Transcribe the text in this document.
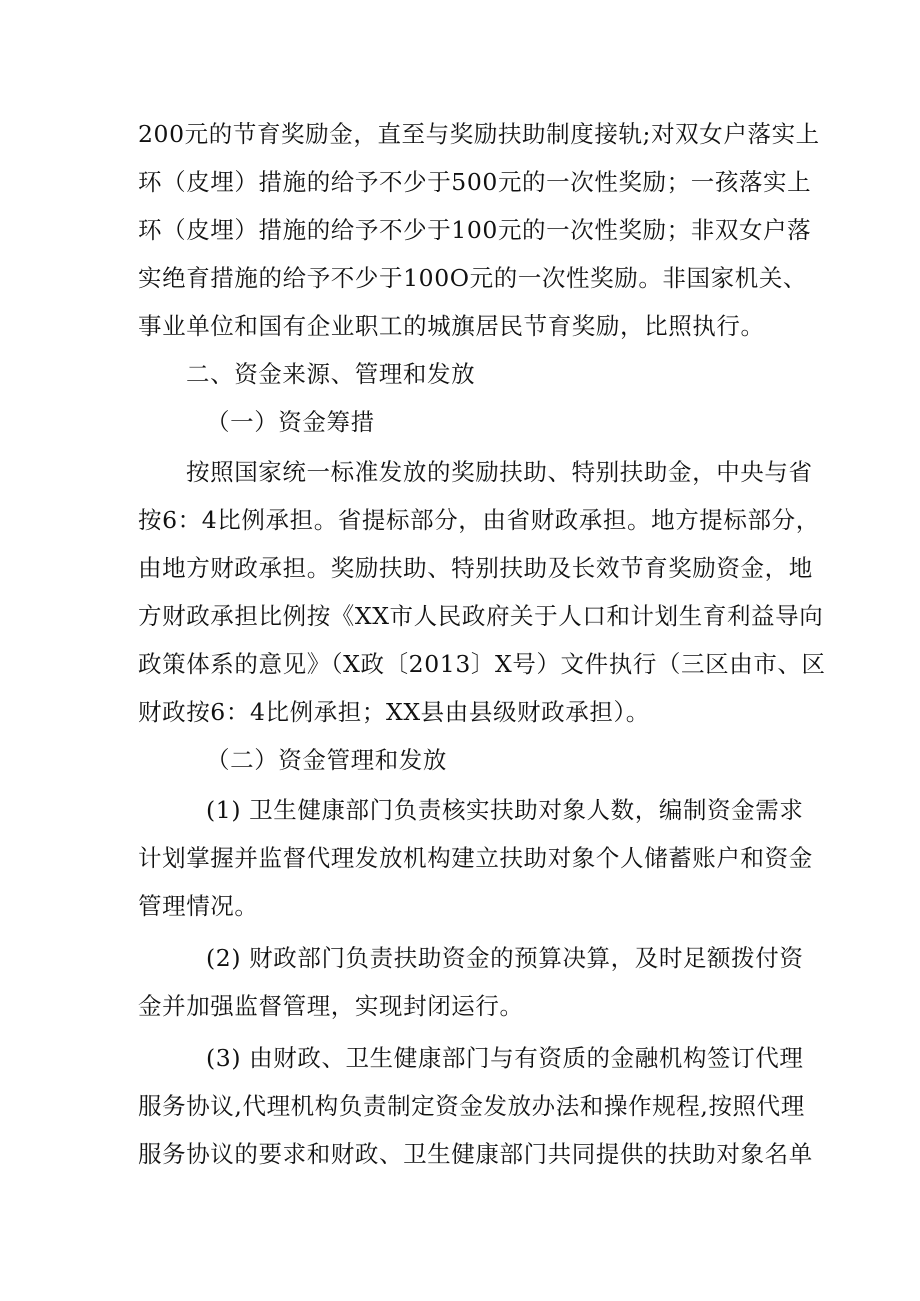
200元的节育奖励金，直至与奖励扶助制度接轨;对双女户落实上
环（皮埋）措施的给予不少于500元的一次性奖励；一孩落实上
环（皮埋）措施的给予不少于100元的一次性奖励；非双女户落
实绝育措施的给予不少于100O元的一次性奖励。非国家机关、
事业单位和国有企业职工的城旗居民节育奖励，比照执行。
二、资金来源、管理和发放
（一）资金筹措
按照国家统一标准发放的奖励扶助、特别扶助金，中央与省
按6：4比例承担。省提标部分，由省财政承担。地方提标部分，
由地方财政承担。奖励扶助、特别扶助及长效节育奖励资金，地
方财政承担比例按《XX市人民政府关于人口和计划生育利益导向
政策体系的意见》（X政〔2013〕X号）文件执行（三区由市、区
财政按6：4比例承担；XX县由县级财政承担）。
（二）资金管理和发放
(1) 卫生健康部门负责核实扶助对象人数，编制资金需求
计划掌握并监督代理发放机构建立扶助对象个人储蓄账户和资金
管理情况。
(2) 财政部门负责扶助资金的预算决算，及时足额拨付资
金并加强监督管理，实现封闭运行。
(3) 由财政、卫生健康部门与有资质的金融机构签订代理
服务协议,代理机构负责制定资金发放办法和操作规程,按照代理
服务协议的要求和财政、卫生健康部门共同提供的扶助对象名单
